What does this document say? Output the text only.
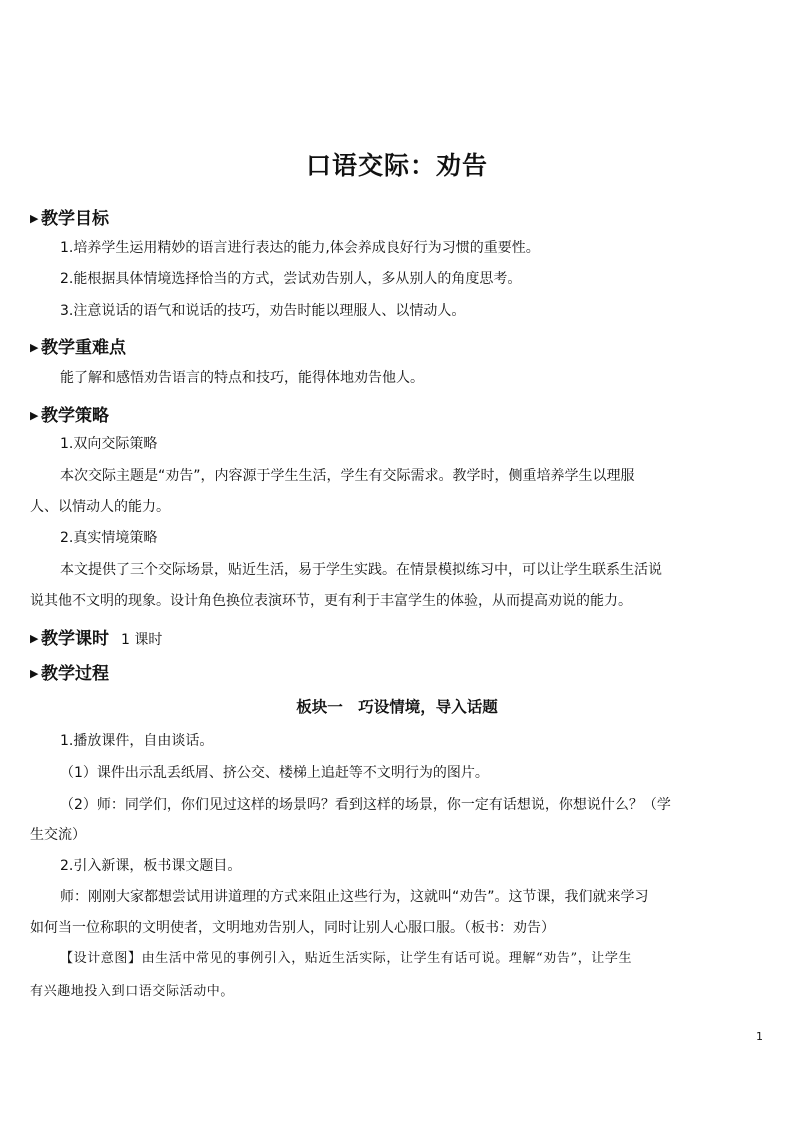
口语交际：劝告
▶ 教学目标
1.培养学生运用精妙的语言进行表达的能力,体会养成良好行为习惯的重要性。
2.能根据具体情境选择恰当的方式，尝试劝告别人，多从别人的角度思考。
3.注意说话的语气和说话的技巧，劝告时能以理服人、以情动人。
▶ 教学重难点
能了解和感悟劝告语言的特点和技巧，能得体地劝告他人。
▶ 教学策略
1.双向交际策略
本次交际主题是“劝告”，内容源于学生生活，学生有交际需求。教学时，侧重培养学生以理服
人、以情动人的能力。
2.真实情境策略
本文提供了三个交际场景，贴近生活，易于学生实践。在情景模拟练习中，可以让学生联系生活说
说其他不文明的现象。设计角色换位表演环节，更有利于丰富学生的体验，从而提高劝说的能力。
▶ 教学课时 1 课时
▶ 教学过程
板块一　巧设情境，导入话题
1.播放课件，自由谈话。
（1）课件出示乱丢纸屑、挤公交、楼梯上追赶等不文明行为的图片。
（2）师：同学们，你们见过这样的场景吗？看到这样的场景，你一定有话想说，你想说什么？（学
生交流）
2.引入新课，板书课文题目。
师：刚刚大家都想尝试用讲道理的方式来阻止这些行为，这就叫“劝告”。这节课，我们就来学习
如何当一位称职的文明使者，文明地劝告别人，同时让别人心服口服。（板书：劝告）
【设计意图】由生活中常见的事例引入，贴近生活实际，让学生有话可说。理解“劝告”，让学生
有兴趣地投入到口语交际活动中。
1
